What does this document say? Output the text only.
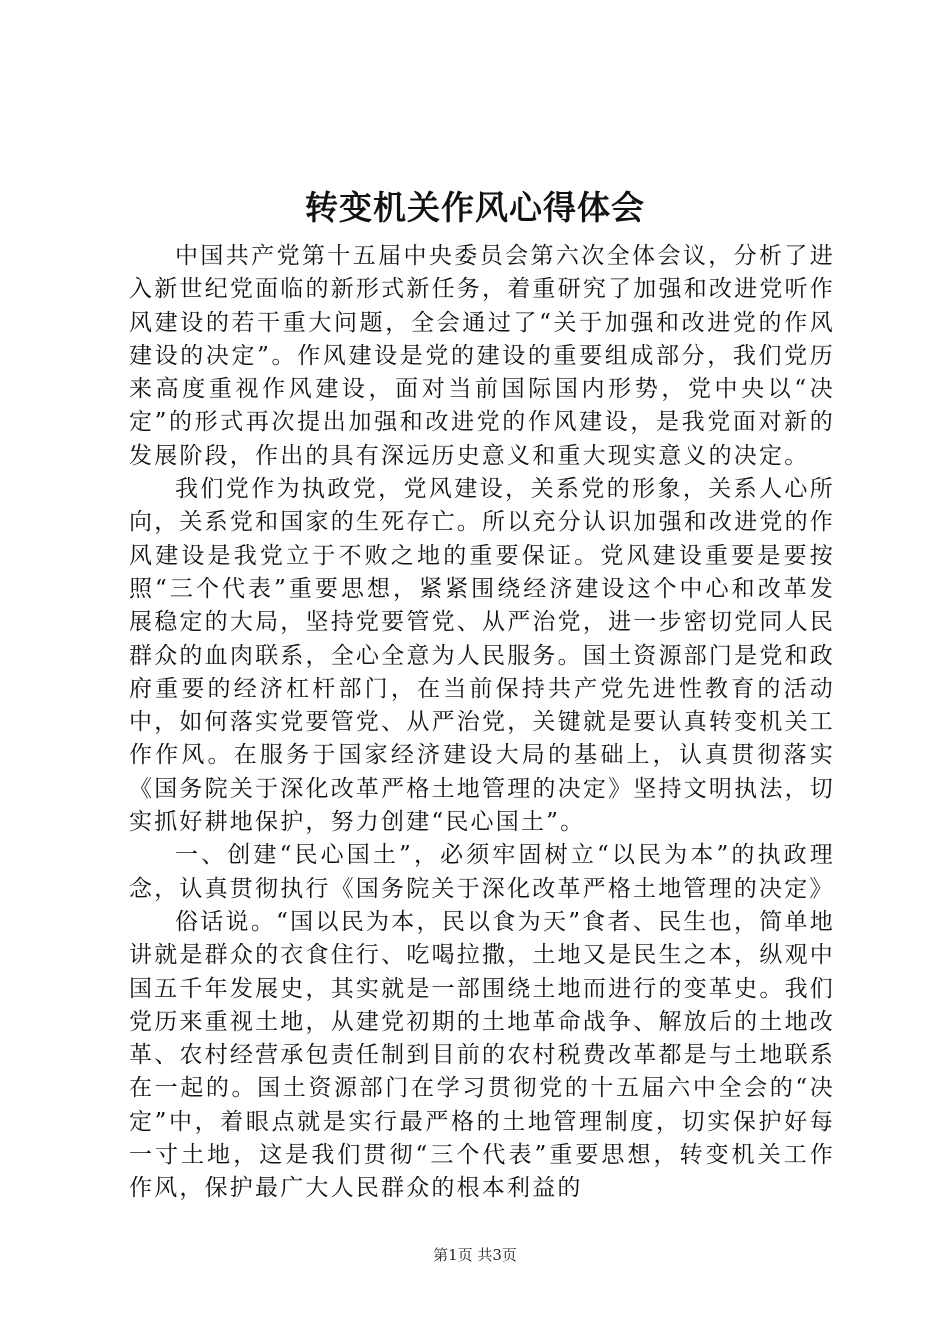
转变机关作风心得体会

中国共产党第十五届中央委员会第六次全体会议，分析了进入新世纪党面临的新形式新任务，着重研究了加强和改进党听作风建设的若干重大问题，全会通过了“关于加强和改进党的作风建设的决定”。作风建设是党的建设的重要组成部分，我们党历来高度重视作风建设，面对当前国际国内形势，党中央以“决定”的形式再次提出加强和改进党的作风建设，是我党面对新的发展阶段，作出的具有深远历史意义和重大现实意义的决定。

我们党作为执政党，党风建设，关系党的形象，关系人心所向，关系党和国家的生死存亡。所以充分认识加强和改进党的作风建设是我党立于不败之地的重要保证。党风建设重要是要按照“三个代表”重要思想，紧紧围绕经济建设这个中心和改革发展稳定的大局，坚持党要管党、从严治党，进一步密切党同人民群众的血肉联系，全心全意为人民服务。国土资源部门是党和政府重要的经济杠杆部门，在当前保持共产党先进性教育的活动中，如何落实党要管党、从严治党，关键就是要认真转变机关工作作风。在服务于国家经济建设大局的基础上，认真贯彻落实《国务院关于深化改革严格土地管理的决定》坚持文明执法，切实抓好耕地保护，努力创建“民心国土”。

一、创建“民心国土”，必须牢固树立“以民为本”的执政理念，认真贯彻执行《国务院关于深化改革严格土地管理的决定》

俗话说。“国以民为本，民以食为天”食者、民生也，简单地讲就是群众的衣食住行、吃喝拉撒，土地又是民生之本，纵观中国五千年发展史，其实就是一部围绕土地而进行的变革史。我们党历来重视土地，从建党初期的土地革命战争、解放后的土地改革、农村经营承包责任制到目前的农村税费改革都是与土地联系在一起的。国土资源部门在学习贯彻党的十五届六中全会的“决定”中，着眼点就是实行最严格的土地管理制度，切实保护好每一寸土地，这是我们贯彻“三个代表”重要思想，转变机关工作作风，保护最广大人民群众的根本利益的

第1页 共3页
